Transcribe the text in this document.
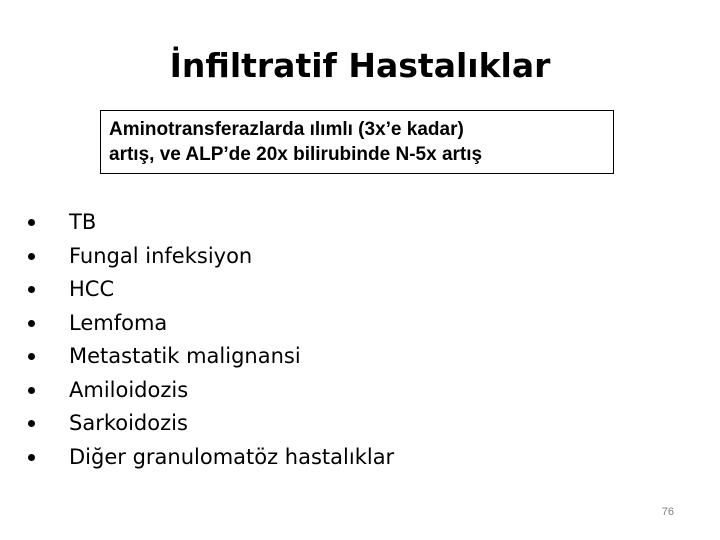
İnfiltratif Hastalıklar
Aminotransferazlarda ılımlı (3x’e kadar)
artış, ve ALP’de 20x bilirubinde N-5x artış
TB
Fungal infeksiyon
HCC
Lemfoma
Metastatik malignansi
Amiloidozis
Sarkoidozis
Diğer granulomatöz hastalıklar
76
